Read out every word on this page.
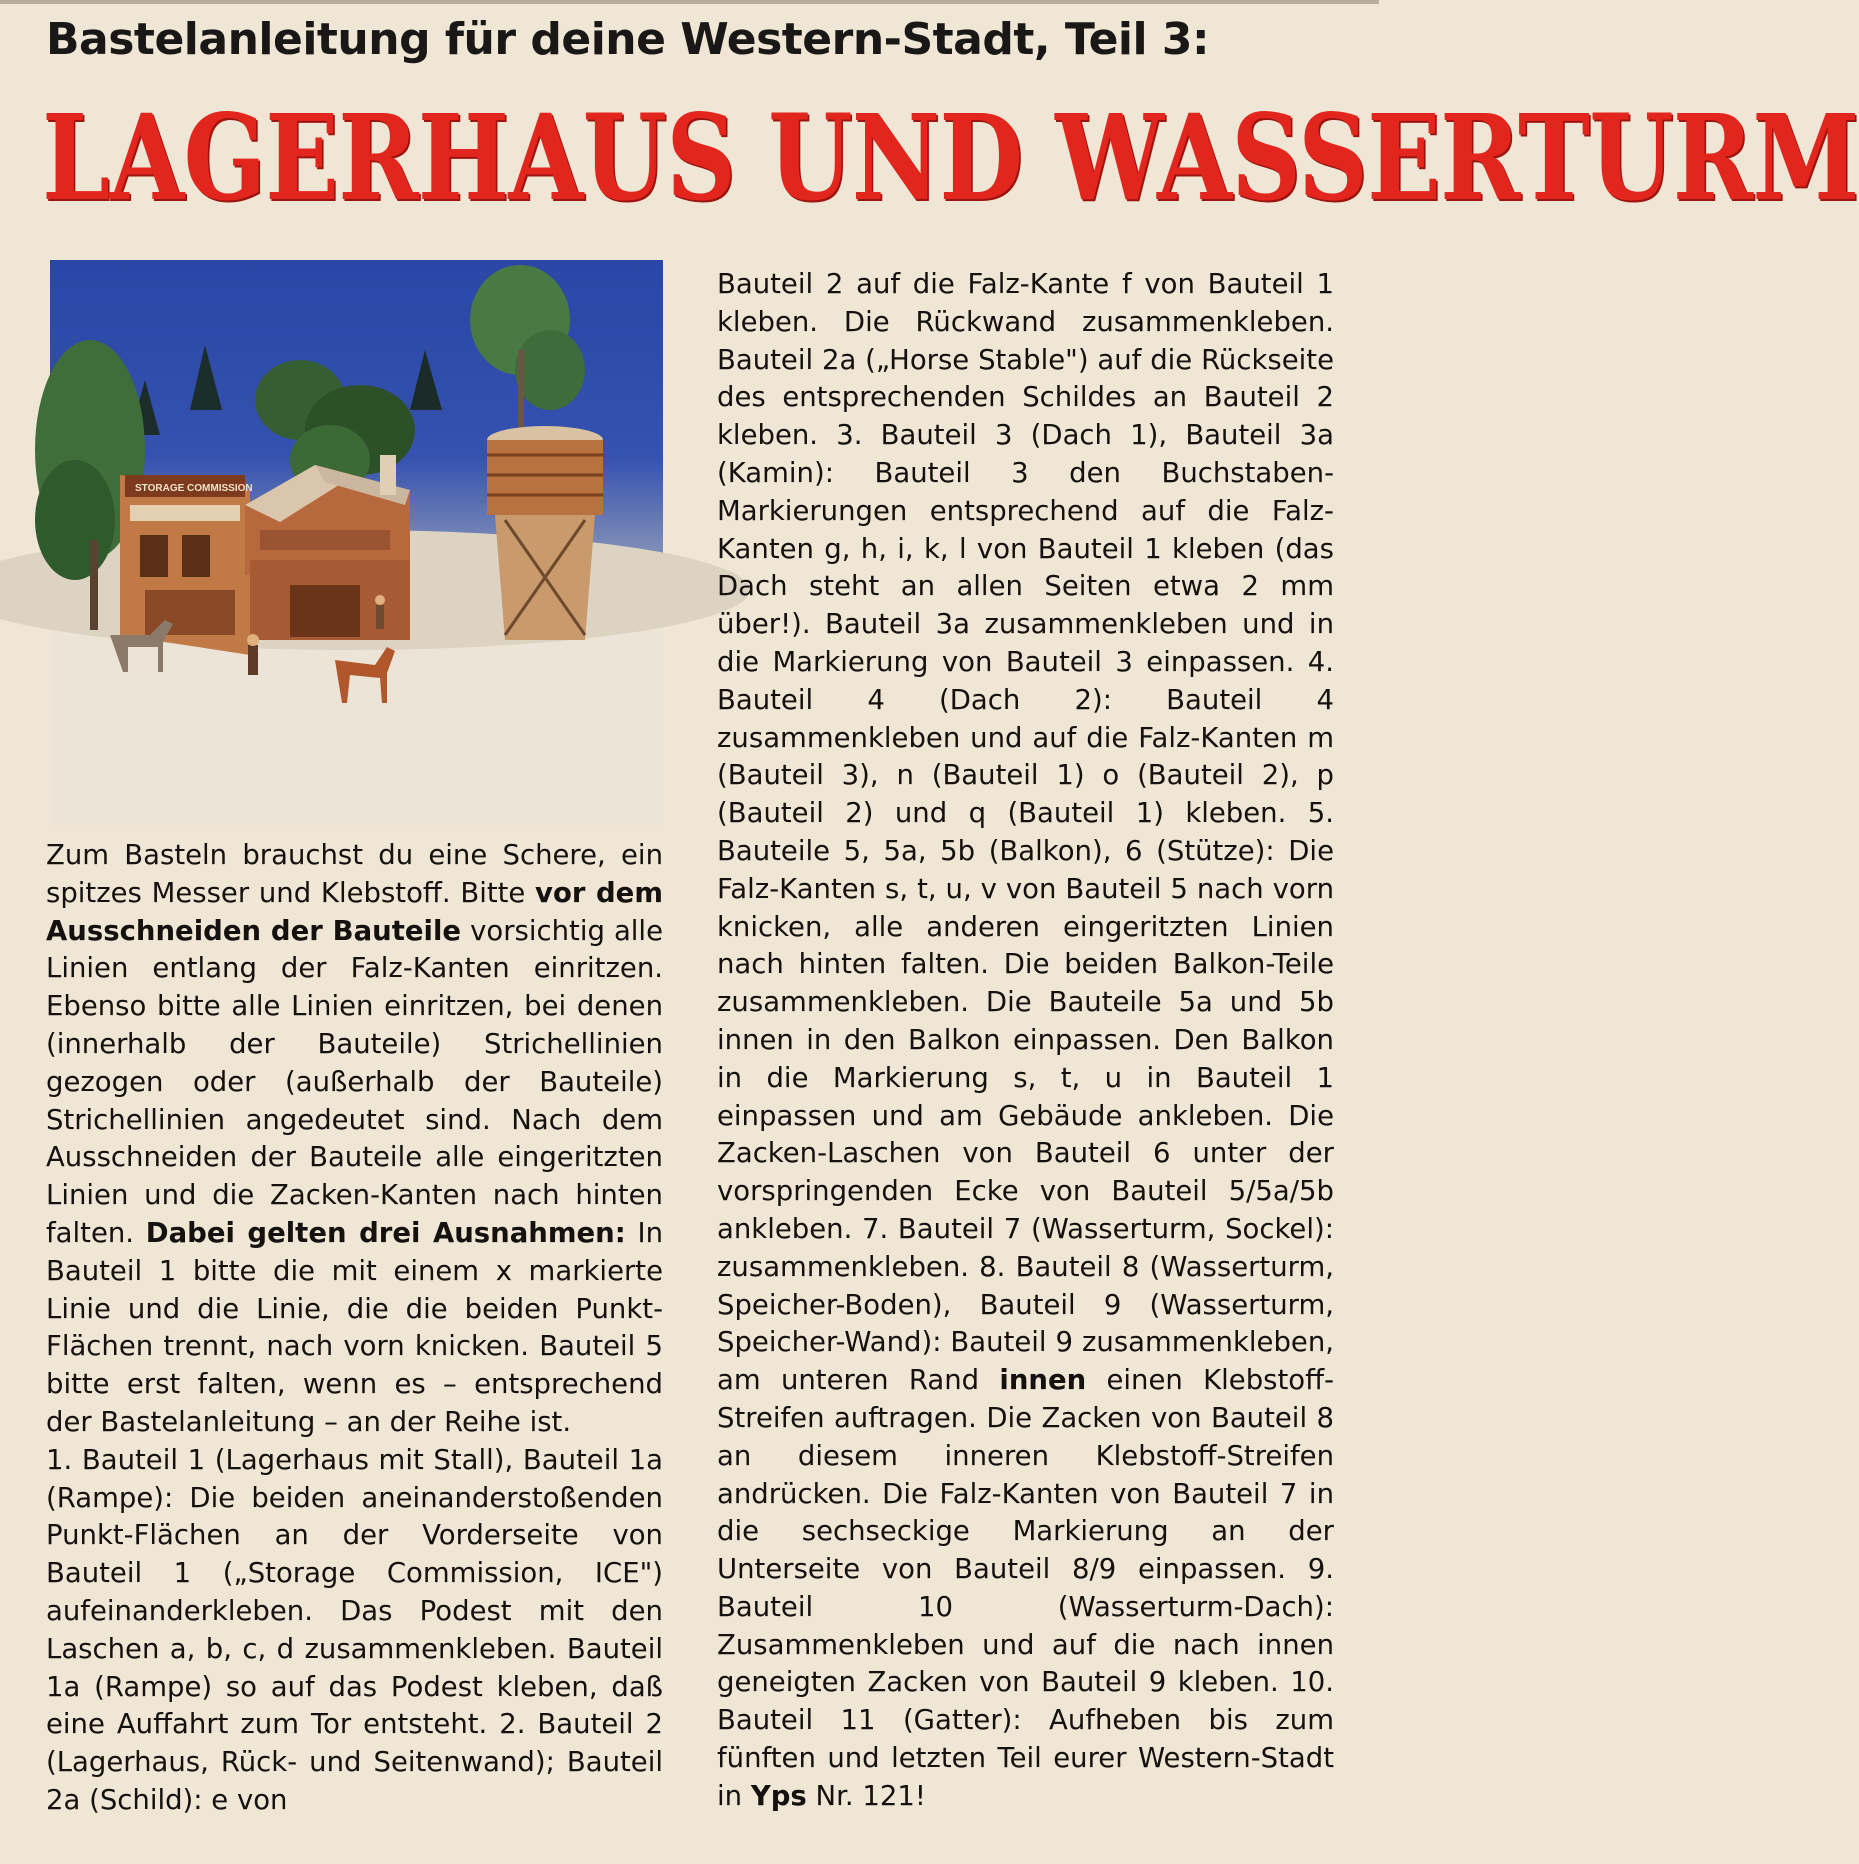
Bastelanleitung für deine Western-Stadt, Teil 3:
LAGERHAUS UND WASSERTURM
STORAGE COMMISSION

Zum Basteln brauchst du eine Schere, ein spitzes Messer und Klebstoff. Bitte vor dem Ausschneiden der Bauteile vorsichtig alle Linien entlang der Falz-Kanten einritzen. Ebenso bitte alle Linien einritzen, bei denen (innerhalb der Bauteile) Strichellinien gezogen oder (außerhalb der Bauteile) Strichellinien angedeutet sind. Nach dem Ausschneiden der Bauteile alle eingeritzten Linien und die Zacken-Kanten nach hinten falten. Dabei gelten drei Ausnahmen: In Bauteil 1 bitte die mit einem x markierte Linie und die Linie, die die beiden Punkt-Flächen trennt, nach vorn knicken. Bauteil 5 bitte erst falten, wenn es – entsprechend der Bastelanleitung – an der Reihe ist.

1. Bauteil 1 (Lagerhaus mit Stall), Bauteil 1a (Rampe): Die beiden aneinanderstoßenden Punkt-Flächen an der Vorderseite von Bauteil 1 („Storage Commission, ICE") aufeinanderkleben. Das Podest mit den Laschen a, b, c, d zusammenkleben. Bauteil 1a (Rampe) so auf das Podest kleben, daß eine Auffahrt zum Tor entsteht. 2. Bauteil 2 (Lagerhaus, Rück- und Seitenwand); Bauteil 2a (Schild): e von

Bauteil 2 auf die Falz-Kante f von Bauteil 1 kleben. Die Rückwand zusammenkleben. Bauteil 2a („Horse Stable") auf die Rückseite des entsprechenden Schildes an Bauteil 2 kleben. 3. Bauteil 3 (Dach 1), Bauteil 3a (Kamin): Bauteil 3 den Buchstaben-Markierungen entsprechend auf die Falz-Kanten g, h, i, k, l von Bauteil 1 kleben (das Dach steht an allen Seiten etwa 2 mm über!). Bauteil 3a zusammenkleben und in die Markierung von Bauteil 3 einpassen. 4. Bauteil 4 (Dach 2): Bauteil 4 zusammenkleben und auf die Falz-Kanten m (Bauteil 3), n (Bauteil 1) o (Bauteil 2), p (Bauteil 2) und q (Bauteil 1) kleben. 5. Bauteile 5, 5a, 5b (Balkon), 6 (Stütze): Die Falz-Kanten s, t, u, v von Bauteil 5 nach vorn knicken, alle anderen eingeritzten Linien nach hinten falten. Die beiden Balkon-Teile zusammenkleben. Die Bauteile 5a und 5b innen in den Balkon einpassen. Den Balkon in die Markierung s, t, u in Bauteil 1 einpassen und am Gebäude ankleben. Die Zacken-Laschen von Bauteil 6 unter der vorspringenden Ecke von Bauteil 5/5a/5b ankleben. 7. Bauteil 7 (Wasserturm, Sockel): zusammenkleben. 8. Bauteil 8 (Wasserturm, Speicher-Boden), Bauteil 9 (Wasserturm, Speicher-Wand): Bauteil 9 zusammenkleben, am unteren Rand innen einen Klebstoff-Streifen auftragen. Die Zacken von Bauteil 8 an diesem inneren Klebstoff-Streifen andrücken. Die Falz-Kanten von Bauteil 7 in die sechseckige Markierung an der Unterseite von Bauteil 8/9 einpassen. 9. Bauteil 10 (Wasserturm-Dach): Zusammenkleben und auf die nach innen geneigten Zacken von Bauteil 9 kleben. 10. Bauteil 11 (Gatter): Aufheben bis zum fünften und letzten Teil eurer Western-Stadt in Yps Nr. 121!
